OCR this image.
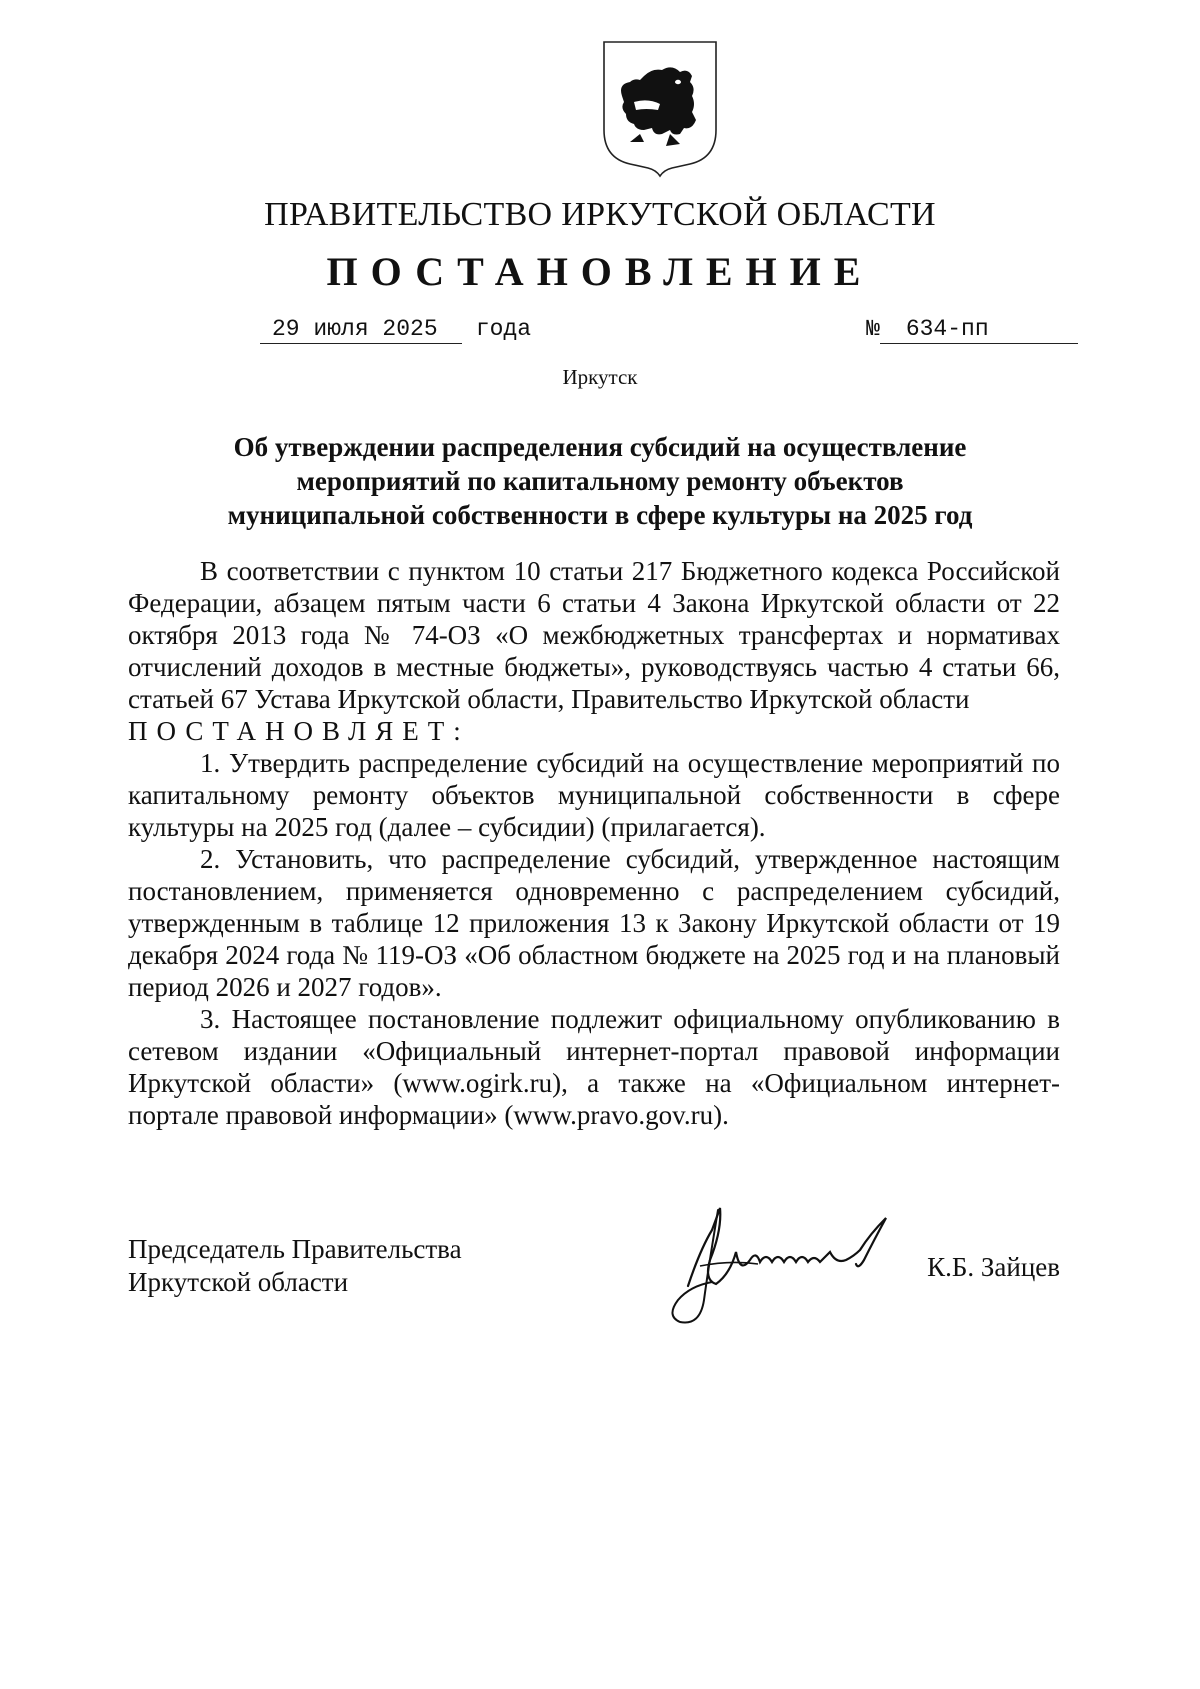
ПРАВИТЕЛЬСТВО ИРКУТСКОЙ ОБЛАСТИ
ПОСТАНОВЛЕНИЕ
29 июля 2025 года	№ 634-пп
Иркутск
Об утверждении распределения субсидий на осуществление мероприятий по капитальному ремонту объектов муниципальной собственности в сфере культуры на 2025 год

В соответствии с пунктом 10 статьи 217 Бюджетного кодекса Российской Федерации, абзацем пятым части 6 статьи 4 Закона Иркутской области от 22 октября 2013 года № 74-ОЗ «О межбюджетных трансфертах и нормативах отчислений доходов в местные бюджеты», руководствуясь частью 4 статьи 66, статьей 67 Устава Иркутской области, Правительство Иркутской области

ПОСТАНОВЛЯЕТ:

1. Утвердить распределение субсидий на осуществление мероприятий по капитальному ремонту объектов муниципальной собственности в сфере культуры на 2025 год (далее – субсидии) (прилагается).

2. Установить, что распределение субсидий, утвержденное настоящим постановлением, применяется одновременно с распределением субсидий, утвержденным в таблице 12 приложения 13 к Закону Иркутской области от 19 декабря 2024 года № 119-ОЗ «Об областном бюджете на 2025 год и на плановый период 2026 и 2027 годов».

3. Настоящее постановление подлежит официальному опубликованию в сетевом издании «Официальный интернет-портал правовой информации Иркутской области» (www.ogirk.ru), а также на «Официальном интернет-портале правовой информации» (www.pravo.gov.ru).

Председатель Правительства
Иркутской области	К.Б. Зайцев
